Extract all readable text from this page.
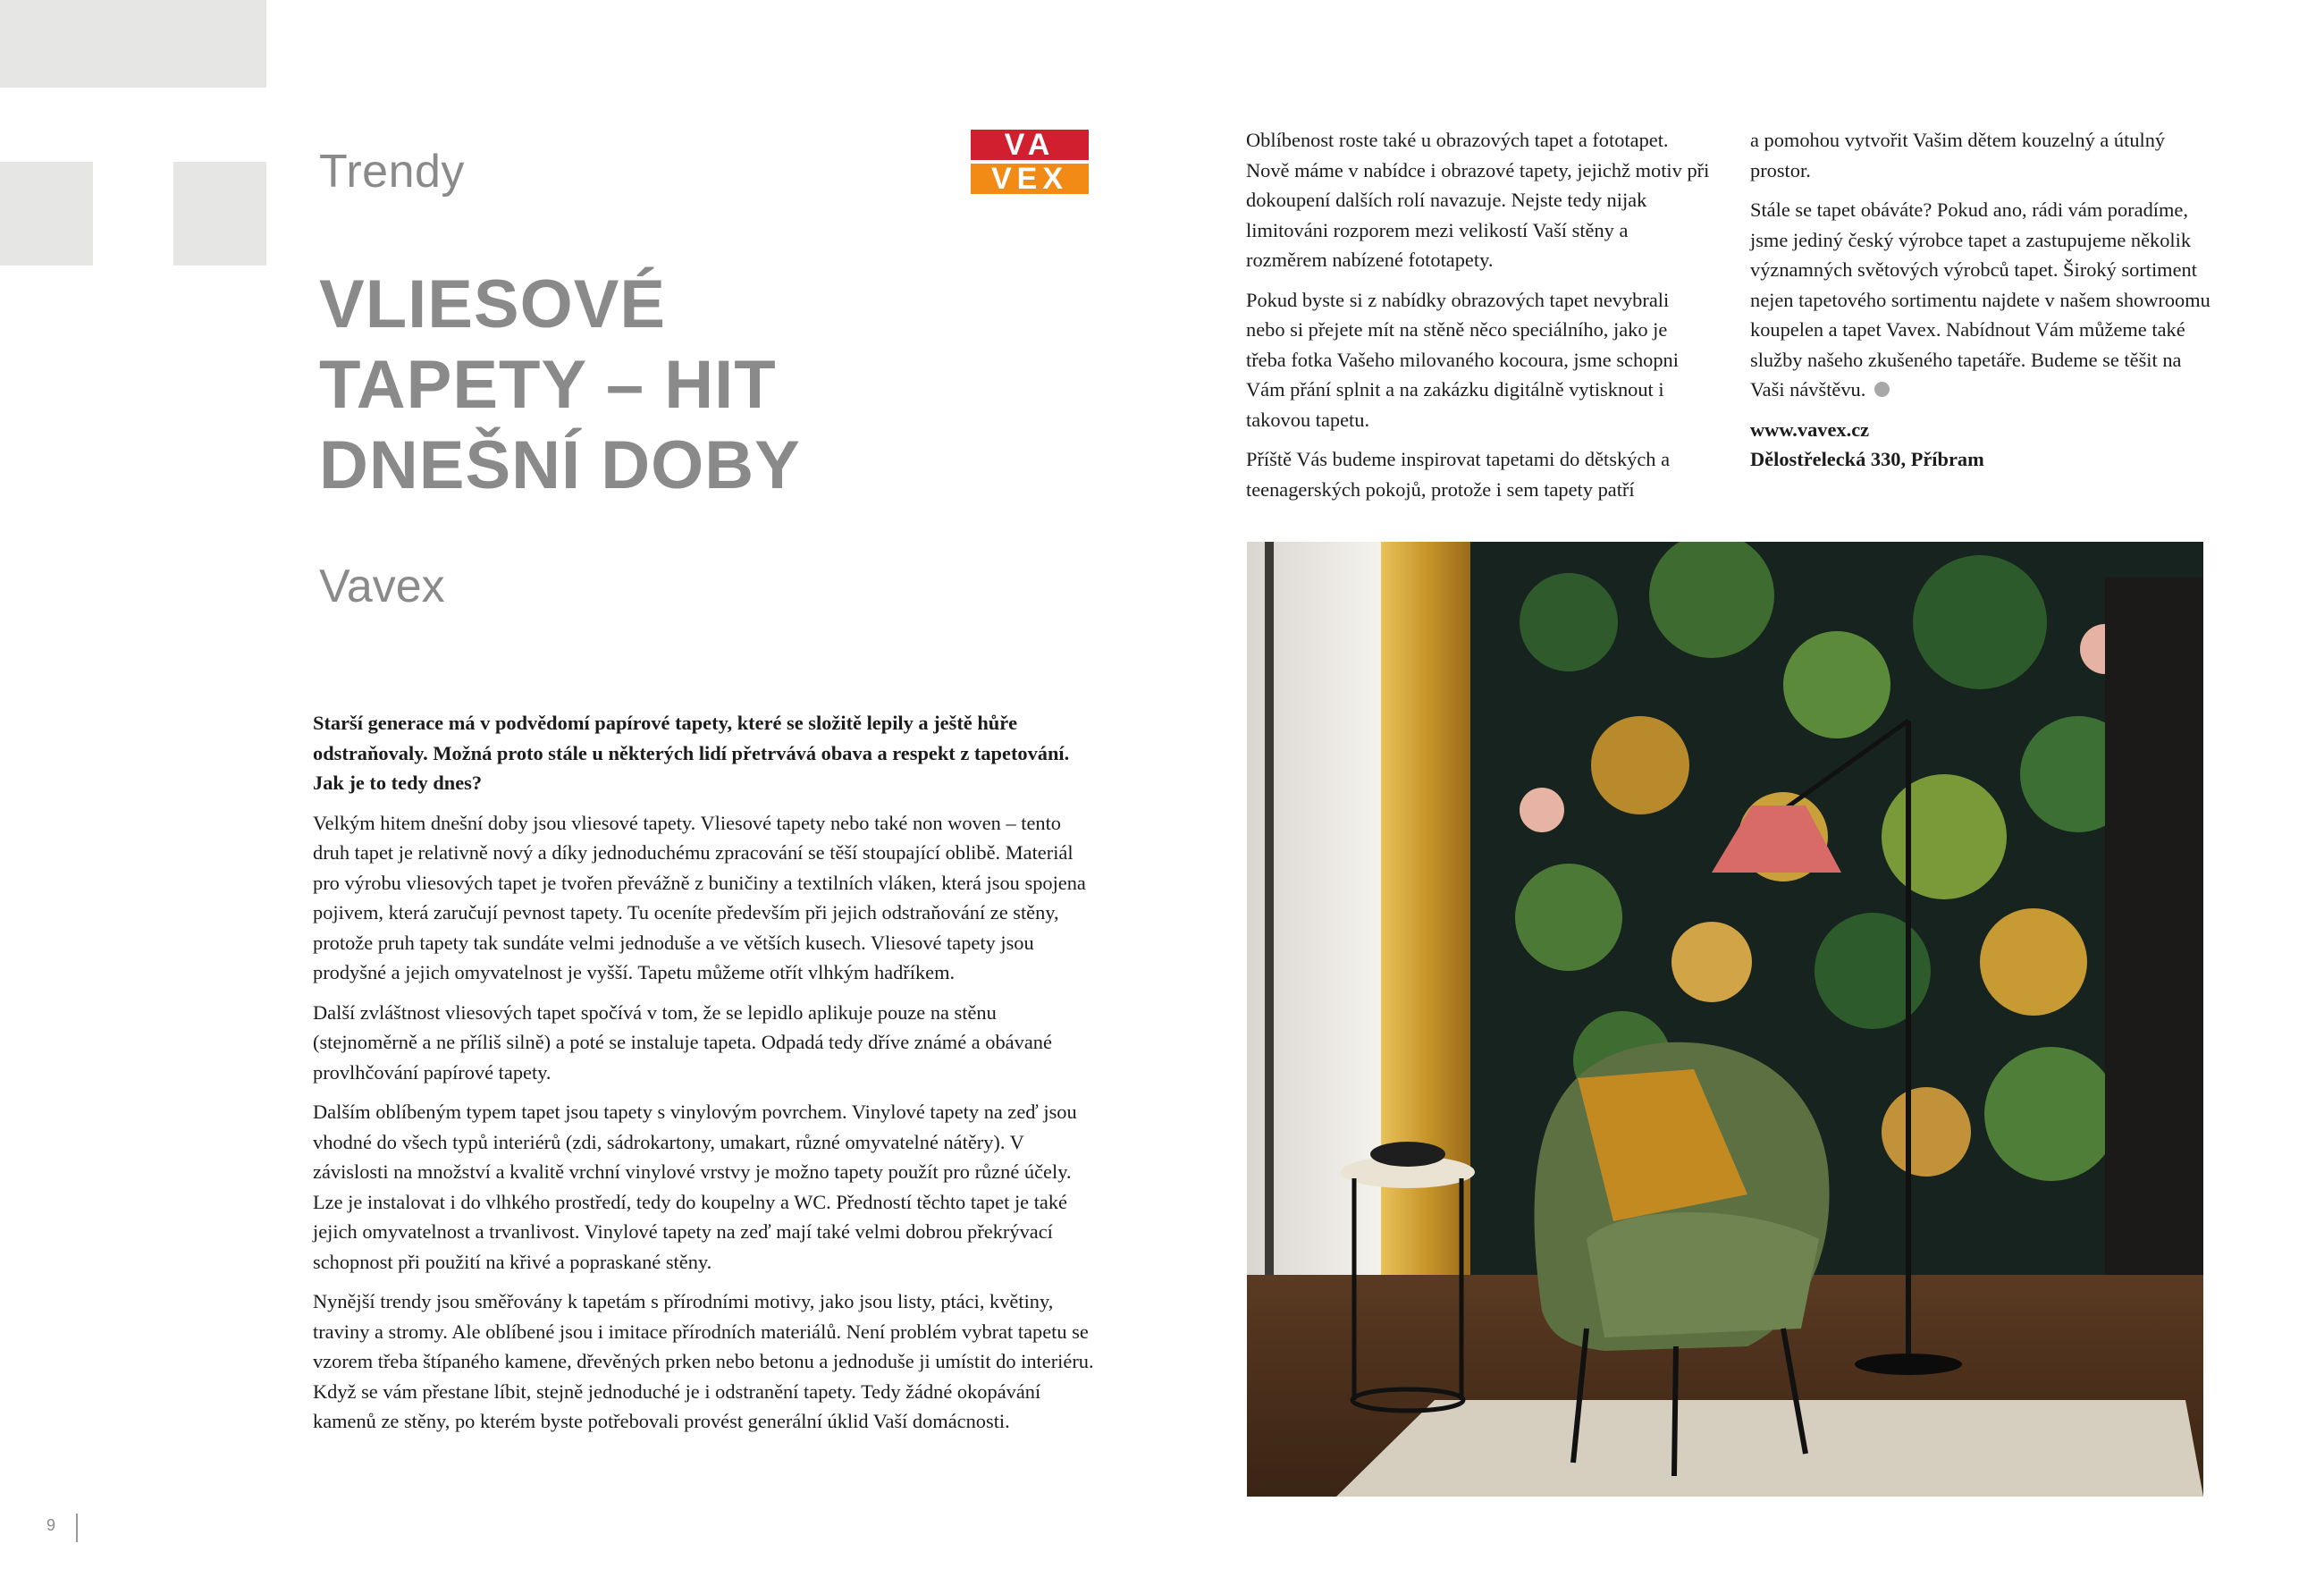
Trendy
VA
VEX
VLIESOVÉ
TAPETY – HIT
DNEŠNÍ DOBY
Vavex

Starší generace má v podvědomí papírové tapety, které se složitě lepily a ještě hůře odstraňovaly. Možná proto stále u některých lidí přetrvává obava a respekt z tapetování. Jak je to tedy dnes?

Velkým hitem dnešní doby jsou vliesové tapety. Vliesové tapety nebo také non woven – tento druh tapet je relativně nový a díky jednoduchému zpracování se těší stoupající oblibě. Materiál pro výrobu vliesových tapet je tvořen převážně z buničiny a textilních vláken, která jsou spojena pojivem, která zaručují pevnost tapety. Tu oceníte především při jejich odstraňování ze stěny, protože pruh tapety tak sundáte velmi jednoduše a ve větších kusech. Vliesové tapety jsou prodyšné a jejich omyvatelnost je vyšší. Tapetu můžeme otřít vlhkým hadříkem.

Další zvláštnost vliesových tapet spočívá v tom, že se lepidlo aplikuje pouze na stěnu (stejnoměrně a ne příliš silně) a poté se instaluje tapeta. Odpadá tedy dříve známé a obávané provlhčování papírové tapety.

Dalším oblíbeným typem tapet jsou tapety s vinylovým povrchem. Vinylové tapety na zeď jsou vhodné do všech typů interiérů (zdi, sádrokartony, umakart, různé omyvatelné nátěry). V závislosti na množství a kvalitě vrchní vinylové vrstvy je možno tapety použít pro různé účely. Lze je instalovat i do vlhkého prostředí, tedy do koupelny a WC. Předností těchto tapet je také jejich omyvatelnost a trvanlivost. Vinylové tapety na zeď mají také velmi dobrou překrývací schopnost při použití na křivé a popraskané stěny.

Nynější trendy jsou směřovány k tapetám s přírodními motivy, jako jsou listy, ptáci, květiny, traviny a stromy. Ale oblíbené jsou i imitace přírodních materiálů. Není problém vybrat tapetu se vzorem třeba štípaného kamene, dřevěných prken nebo betonu a jednoduše ji umístit do interiéru. Když se vám přestane líbit, stejně jednoduché je i odstranění tapety. Tedy žádné okopávání kamenů ze stěny, po kterém byste potřebovali provést generální úklid Vaší domácnosti.

Oblíbenost roste také u obrazových tapet a fototapet. Nově máme v nabídce i obrazové tapety, jejichž motiv při dokoupení dalších rolí navazuje. Nejste tedy nijak limitováni rozporem mezi velikostí Vaší stěny a rozměrem nabízené fototapety.

Pokud byste si z nabídky obrazových tapet nevybrali nebo si přejete mít na stěně něco speciálního, jako je třeba fotka Vašeho milovaného kocoura, jsme schopni Vám přání splnit a na zakázku digitálně vytisknout i takovou tapetu.

Příště Vás budeme inspirovat tapetami do dětských a teenagerských pokojů, protože i sem tapety patří

a pomohou vytvořit Vašim dětem kouzelný a útulný prostor.

Stále se tapet obáváte? Pokud ano, rádi vám poradíme, jsme jediný český výrobce tapet a zastupujeme několik významných světových výrobců tapet. Široký sortiment nejen tapetového sortimentu najdete v našem showroomu koupelen a tapet Vavex. Nabídnout Vám můžeme také služby našeho zkušeného tapetáře. Budeme se těšit na Vaši návštěvu.

www.vavex.cz

Dělostřelecká 330, Příbram

9
